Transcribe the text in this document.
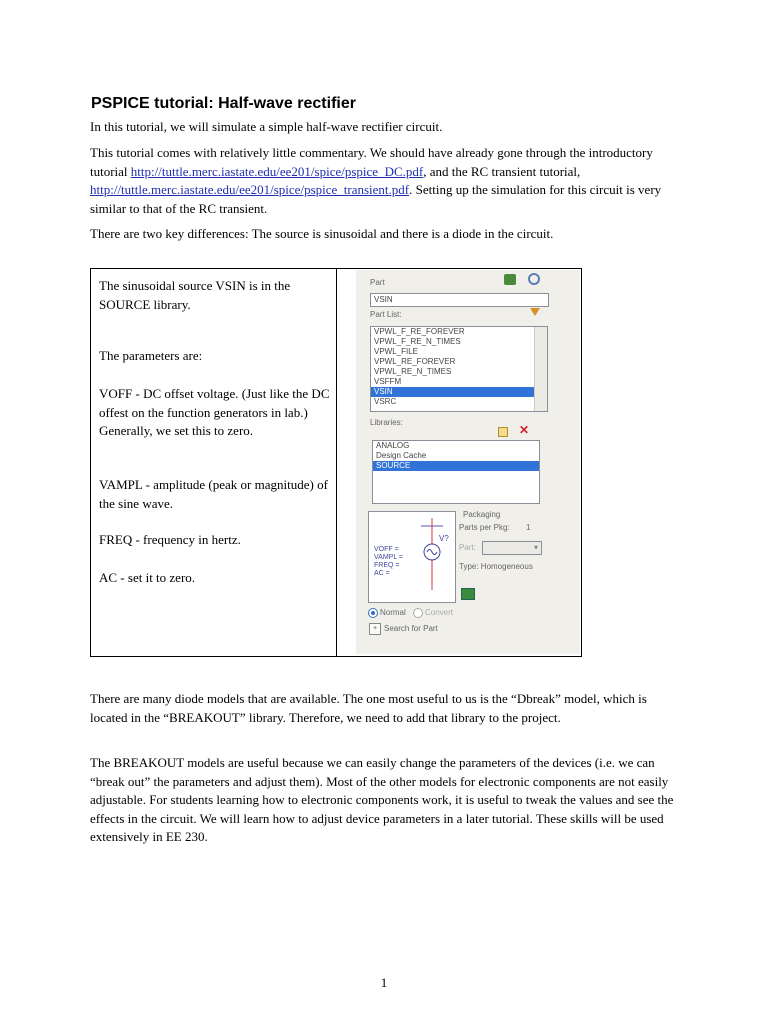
PSPICE tutorial: Half-wave rectifier
In this tutorial, we will simulate a simple half-wave rectifier circuit.
This tutorial comes with relatively little commentary. We should have already gone through the introductory tutorial http://tuttle.merc.iastate.edu/ee201/spice/pspice_DC.pdf, and the RC transient tutorial, http://tuttle.merc.iastate.edu/ee201/spice/pspice_transient.pdf. Setting up the simulation for this circuit is very similar to that of the RC transient.
There are two key differences: The source is sinusoidal and there is a diode in the circuit.
The sinusoidal source VSIN is in the SOURCE library.
The parameters are:
VOFF - DC offset voltage. (Just like the DC offest on the function generators in lab.) Generally, we set this to zero.
VAMPL - amplitude (peak or magnitude) of the sine wave.
FREQ - frequency in hertz.
AC - set it to zero.
Part
VSIN
Part List:
VPWL_F_RE_FOREVER
VPWL_F_RE_N_TIMES
VPWL_FILE
VPWL_RE_FOREVER
VPWL_RE_N_TIMES
VSFFM
VSIN
VSRC
Libraries:
✕
ANALOG
Design Cache
SOURCE
V?
VOFF =
VAMPL =
FREQ =
AC =
Packaging
Parts per Pkg: 1
Part:	▾
Type: Homogeneous
Normal Convert
+ Search for Part
There are many diode models that are available. The one most useful to us is the “Dbreak” model, which is located in the “BREAKOUT” library. Therefore, we need to add that library to the project.
The BREAKOUT models are useful because we can easily change the parameters of the devices (i.e. we can “break out” the parameters and adjust them). Most of the other models for electronic components are not easily adjustable. For students learning how to electronic components work, it is useful to tweak the values and see the effects in the circuit. We will learn how to adjust device parameters in a later tutorial. These skills will be used extensively in EE 230.
1
